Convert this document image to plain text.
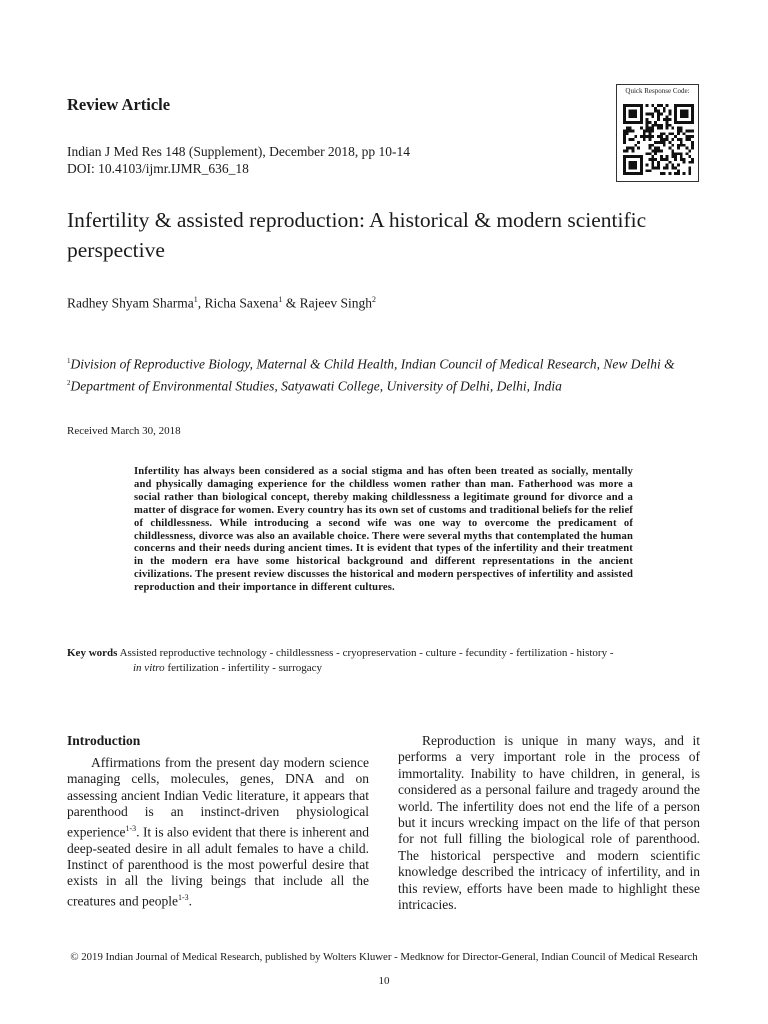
Review Article
Indian J Med Res 148 (Supplement), December 2018, pp 10-14
DOI: 10.4103/ijmr.IJMR_636_18
Quick Response Code:
Infertility & assisted reproduction: A historical & modern scientific perspective
Radhey Shyam Sharma$^1$, Richa Saxena$^1$ & Rajeev Singh$^2$
$^1$Division of Reproductive Biology, Maternal & Child Health, Indian Council of Medical Research, New Delhi &
$^2$Department of Environmental Studies, Satyawati College, University of Delhi, Delhi, India
Received March 30, 2018
Infertility has always been considered as a social stigma and has often been treated as socially, mentally and physically damaging experience for the childless women rather than man. Fatherhood was more a social rather than biological concept, thereby making childlessness a legitimate ground for divorce and a matter of disgrace for women. Every country has its own set of customs and traditional beliefs for the relief of childlessness. While introducing a second wife was one way to overcome the predicament of childlessness, divorce was also an available choice. There were several myths that contemplated the human concerns and their needs during ancient times. It is evident that types of the infertility and their treatment in the modern era have some historical background and different representations in the ancient civilizations. The present review discusses the historical and modern perspectives of infertility and assisted reproduction and their importance in different cultures.
Key words Assisted reproductive technology - childlessness - cryopreservation - culture - fecundity - fertilization - history -
in vitro fertilization - infertility - surrogacy
Introduction

Affirmations from the present day modern science managing cells, molecules, genes, DNA and on assessing ancient Indian Vedic literature, it appears that parenthood is an instinct-driven physiological experience$^{1-3}$. It is also evident that there is inherent and deep-seated desire in all adult females to have a child. Instinct of parenthood is the most powerful desire that exists in all the living beings that include all the creatures and people$^{1-3}$.

Reproduction is unique in many ways, and it performs a very important role in the process of immortality. Inability to have children, in general, is considered as a personal failure and tragedy around the world. The infertility does not end the life of a person but it incurs wrecking impact on the life of that person for not full filling the biological role of parenthood. The historical perspective and modern scientific knowledge described the intricacy of infertility, and in this review, efforts have been made to highlight these intricacies.

© 2019 Indian Journal of Medical Research, published by Wolters Kluwer - Medknow for Director-General, Indian Council of Medical Research
10
